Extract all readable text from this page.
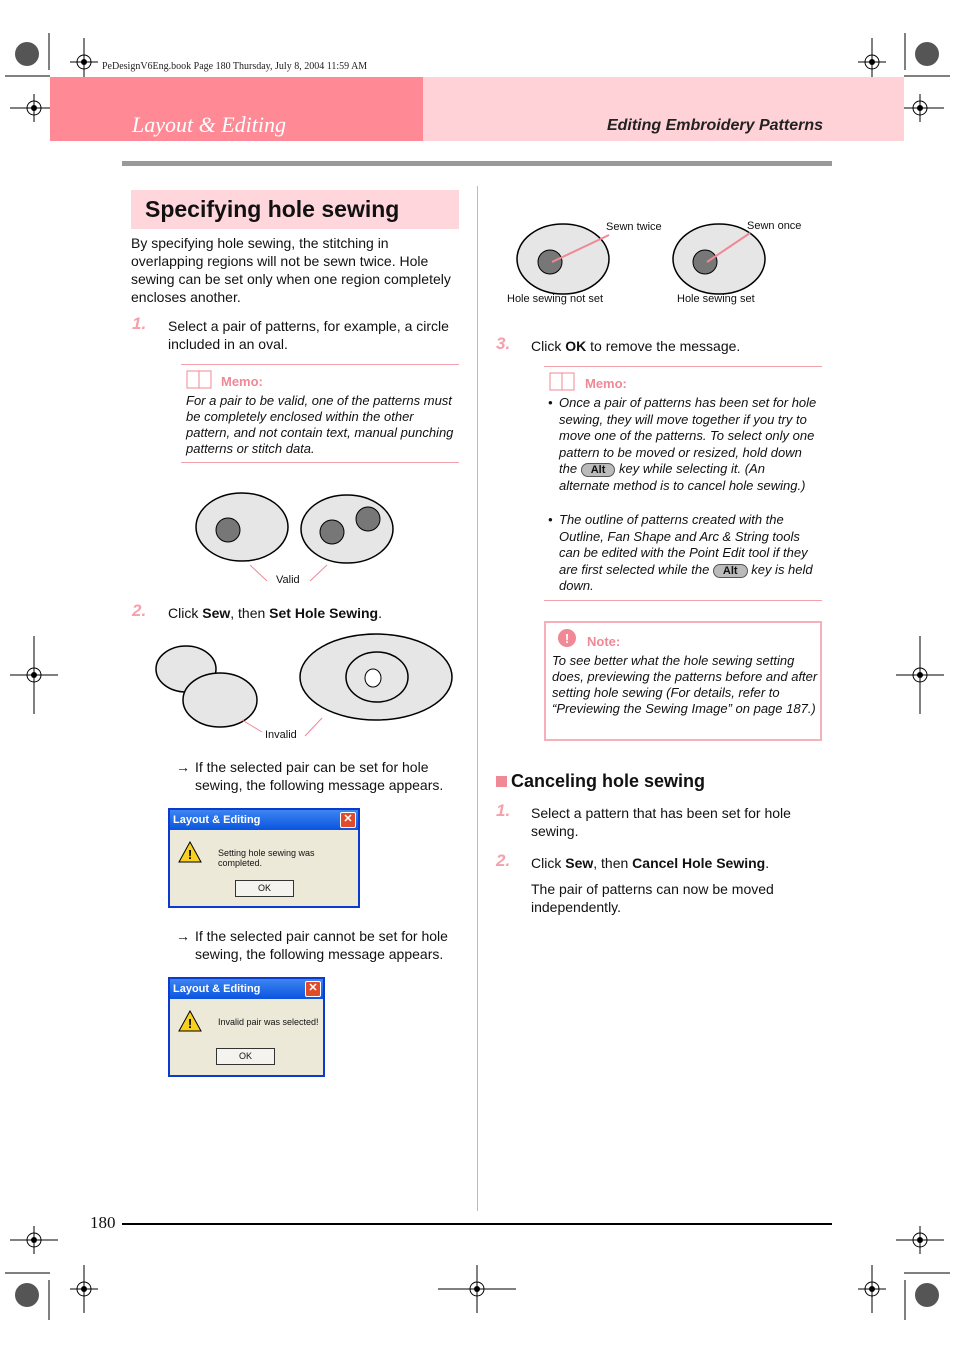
PeDesignV6Eng.book Page 180 Thursday, July 8, 2004 11:59 AM
Layout & Editing	Editing Embroidery Patterns
Specifying hole sewing
By specifying hole sewing, the stitching in overlapping regions will not be sewn twice. Hole sewing can be set only when one region completely encloses another.
1. Select a pair of patterns, for example, a circle included in an oval.
Memo:
For a pair to be valid, one of the patterns must be completely enclosed within the other pattern, and not contain text, manual punching patterns or stitch data.
Valid
2. Click Sew, then Set Hole Sewing.
Invalid
→ If the selected pair can be set for hole sewing, the following message appears.
Layout & Editing	✕
!	Setting hole sewing was completed.
OK
→ If the selected pair cannot be set for hole sewing, the following message appears.
Layout & Editing	✕
!	Invalid pair was selected!
OK
Sewn twice	Sewn once
Hole sewing not set	Hole sewing set
3. Click OK to remove the message.
Memo:
• Once a pair of patterns has been set for hole sewing, they will move together if you try to move one of the patterns. To select only one pattern to be moved or resized, hold down the Alt key while selecting it. (An alternate method is to cancel hole sewing.)
• The outline of patterns created with the Outline, Fan Shape and Arc & String tools can be edited with the Point Edit tool if they are first selected while the Alt key is held down.
! Note:
To see better what the hole sewing setting does, previewing the patterns before and after setting hole sewing (For details, refer to “Previewing the Sewing Image” on page 187.)
Canceling hole sewing
1. Select a pattern that has been set for hole sewing.
2. Click Sew, then Cancel Hole Sewing.
The pair of patterns can now be moved independently.
180
